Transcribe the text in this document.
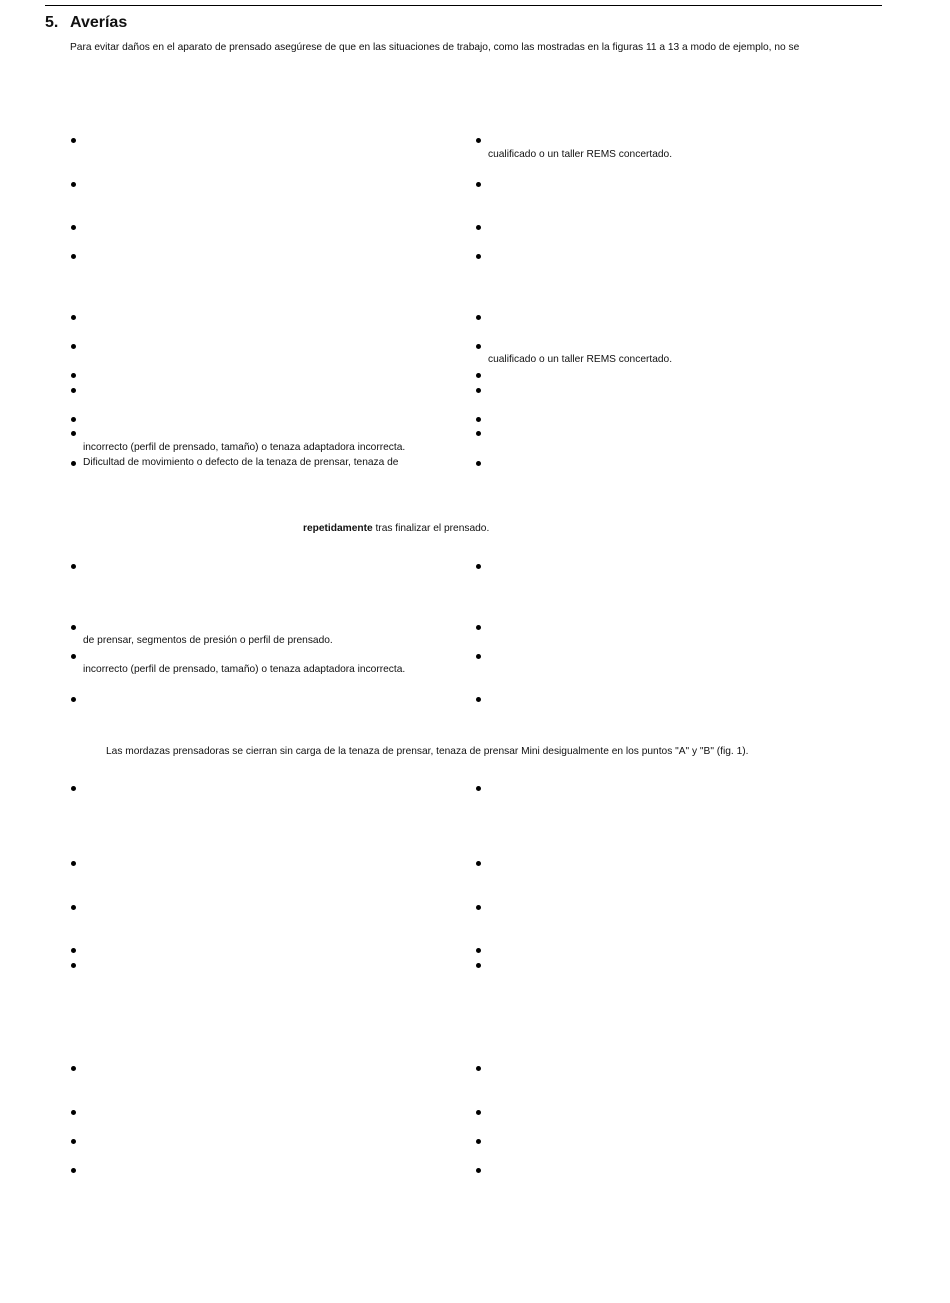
5. Averías
Para evitar daños en el aparato de prensado asegúrese de que en las situaciones de trabajo, como las mostradas en la figuras 11 a 13 a modo de ejemplo, no se
cualificado o un taller REMS concertado.
cualificado o un taller REMS concertado.
incorrecto (perfil de prensado, tamaño) o tenaza adaptadora incorrecta.
Dificultad de movimiento o defecto de la tenaza de prensar, tenaza de
repetidamente tras finalizar el prensado.
de prensar, segmentos de presión o perfil de prensado.
incorrecto (perfil de prensado, tamaño) o tenaza adaptadora incorrecta.
Las mordazas prensadoras se cierran sin carga de la tenaza de prensar, tenaza de prensar Mini desigualmente en los puntos "A" y "B" (fig. 1).
